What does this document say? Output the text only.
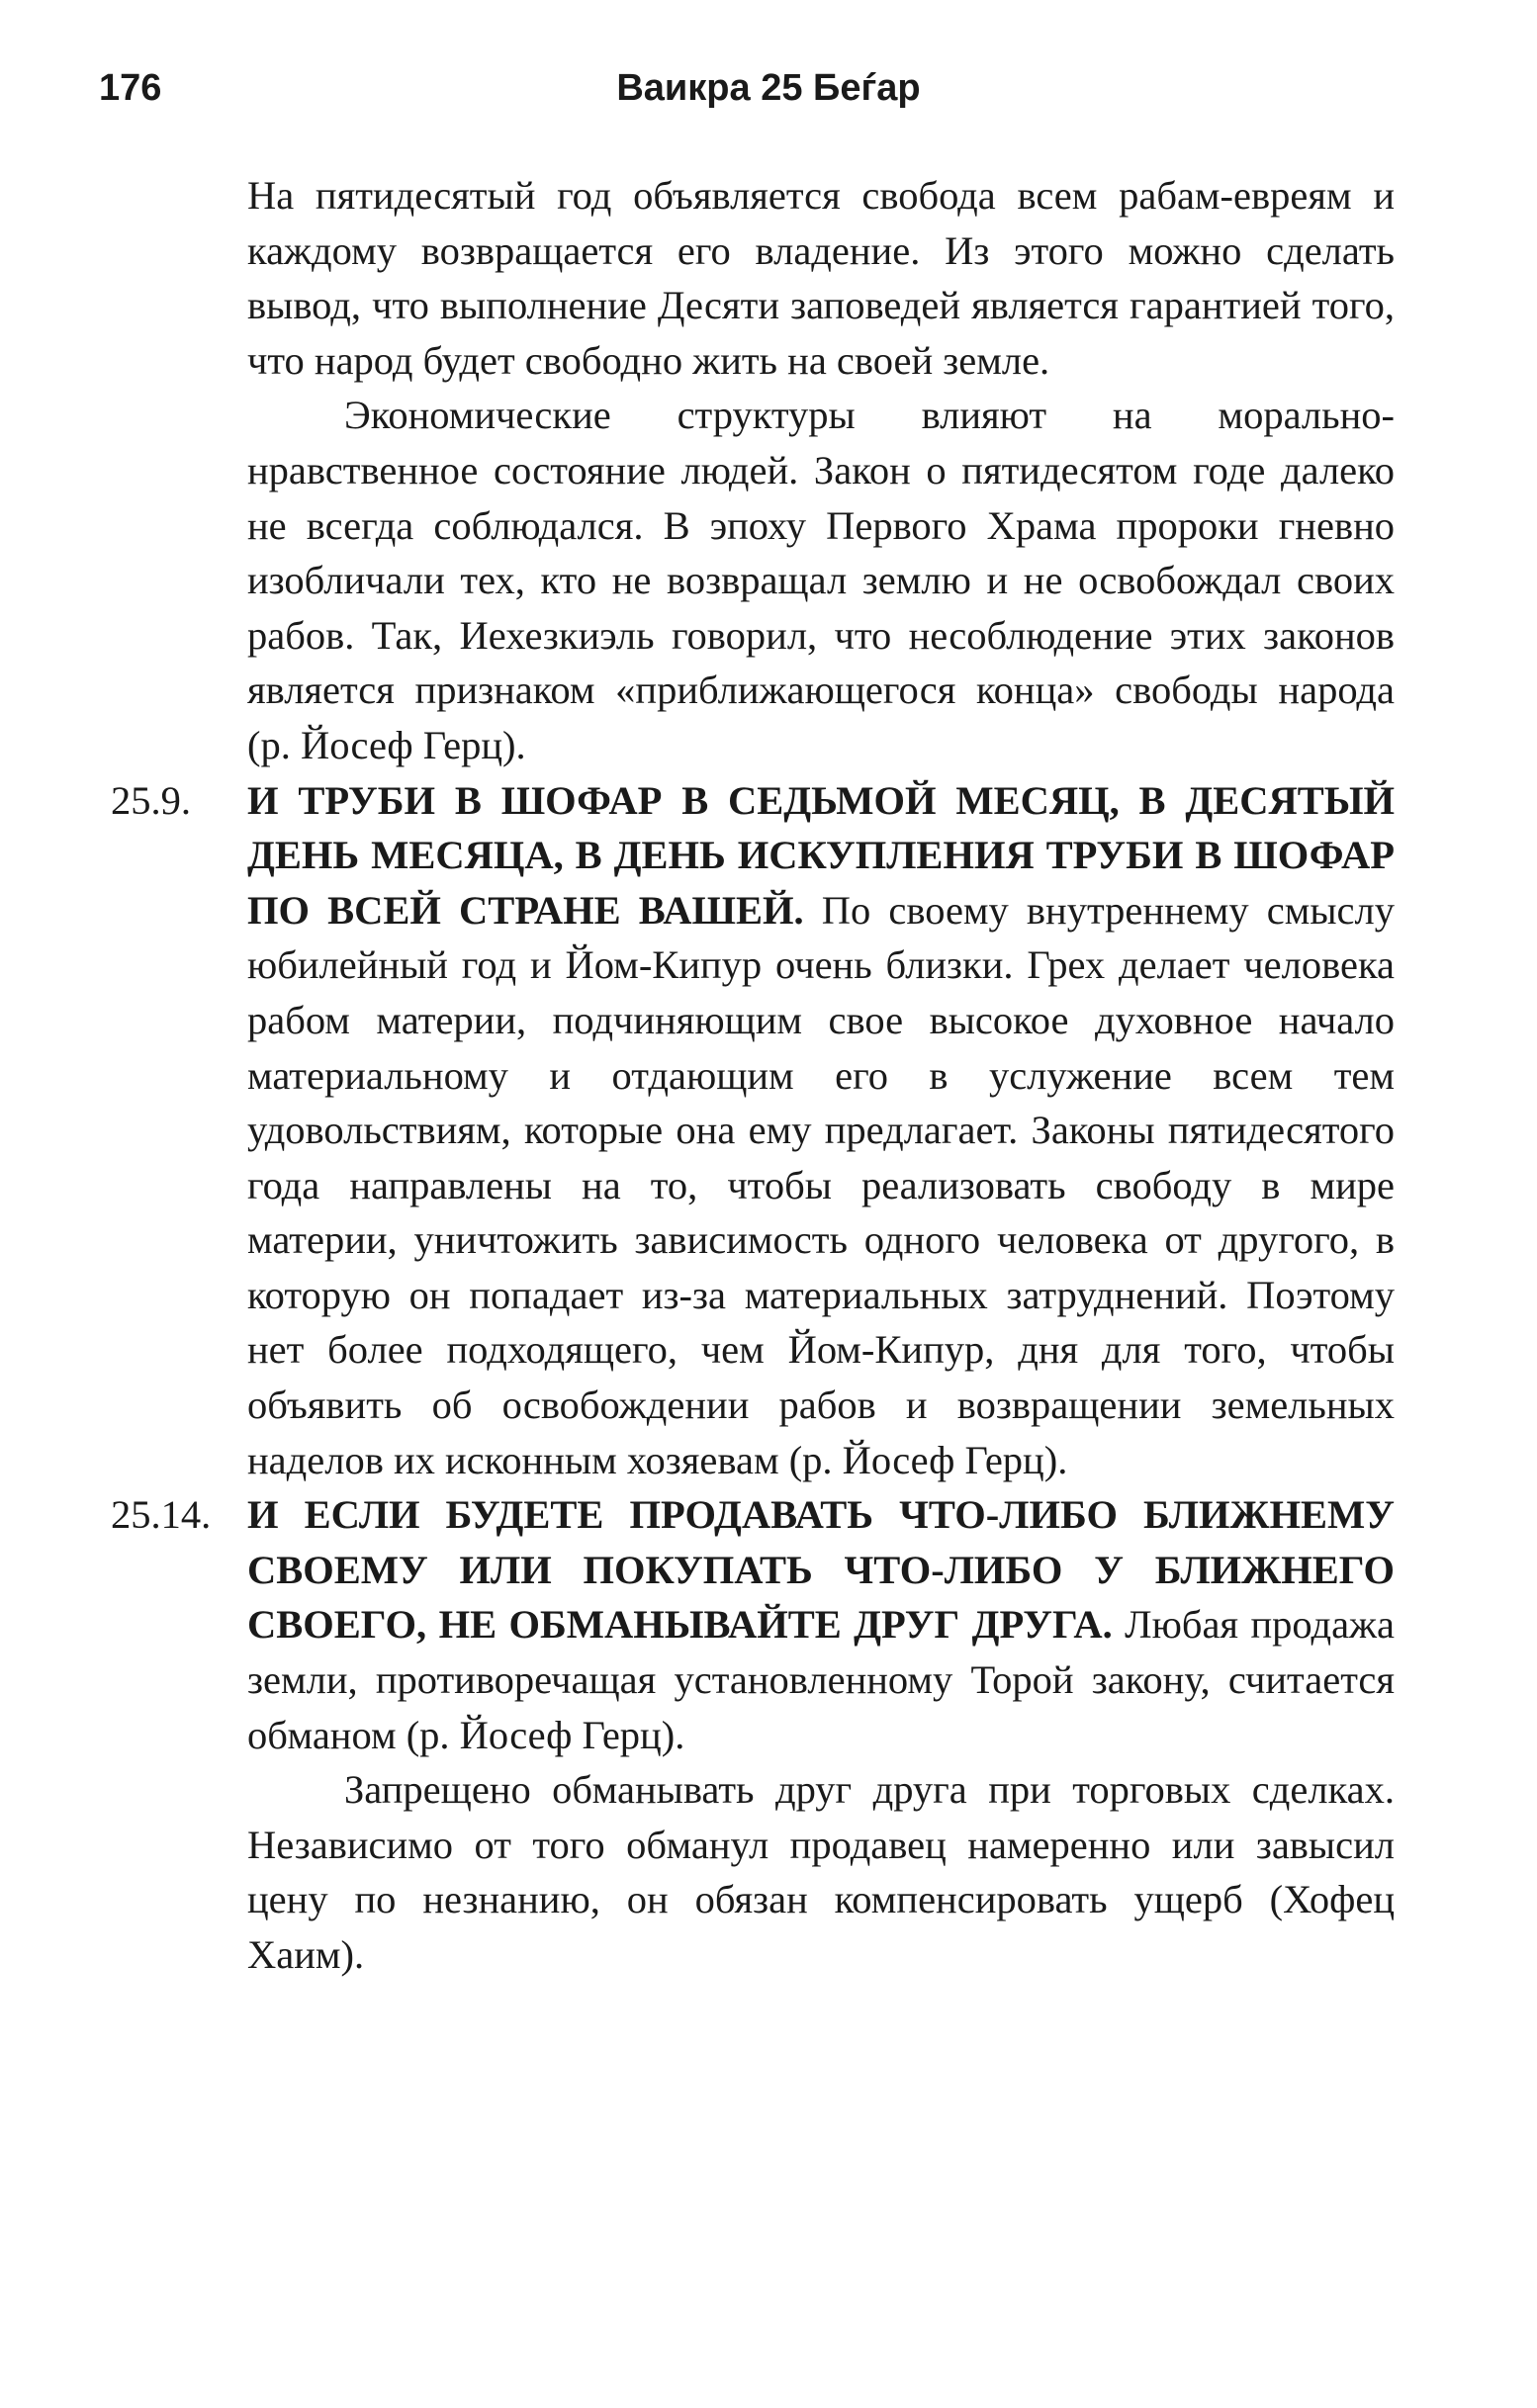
176	Ваикра 25 Беѓар

На пятидесятый год объявляется свобода всем рабам-евреям и каждому возвращается его владение. Из этого можно сделать вывод, что выполнение Десяти заповедей является гарантией того, что народ будет свободно жить на своей земле.

Экономические структуры влияют на морально-нравственное состояние людей. Закон о пятидесятом годе далеко не всегда соблюдался. В эпоху Первого Храма пророки гневно изобличали тех, кто не возвращал землю и не освобождал своих рабов. Так, Иехезкиэль говорил, что несоблюдение этих законов является признаком «приближающегося конца» свободы народа (р. Йосеф Герц).

25.9.	И ТРУБИ В ШОФАР В СЕДЬМОЙ МЕСЯЦ, В ДЕСЯТЫЙ ДЕНЬ МЕСЯЦА, В ДЕНЬ ИСКУПЛЕНИЯ ТРУБИ В ШОФАР ПО ВСЕЙ СТРАНЕ ВАШЕЙ. По своему внутреннему смыслу юбилейный год и Йом-Кипур очень близки. Грех делает человека рабом материи, подчиняющим свое высокое духовное начало материальному и отдающим его в услужение всем тем удовольствиям, которые она ему предлагает. Законы пятидесятого года направлены на то, чтобы реализовать свободу в мире материи, уничтожить зависимость одного человека от другого, в которую он попадает из-за материальных затруднений. Поэтому нет более подходящего, чем Йом-Кипур, дня для того, чтобы объявить об освобождении рабов и возвращении земельных наделов их исконным хозяевам (р. Йосеф Герц).

25.14. И ЕСЛИ БУДЕТЕ ПРОДАВАТЬ ЧТО-ЛИБО БЛИЖНЕМУ СВОЕМУ ИЛИ ПОКУПАТЬ ЧТО-ЛИБО У БЛИЖНЕГО СВОЕГО, НЕ ОБМАНЫВАЙТЕ ДРУГ ДРУГА. Любая продажа земли, противоречащая установленному Торой закону, считается обманом (р. Йосеф Герц).

Запрещено обманывать друг друга при торговых сделках. Независимо от того обманул продавец намеренно или завысил цену по незнанию, он обязан компенсировать ущерб (Хофец Хаим).
